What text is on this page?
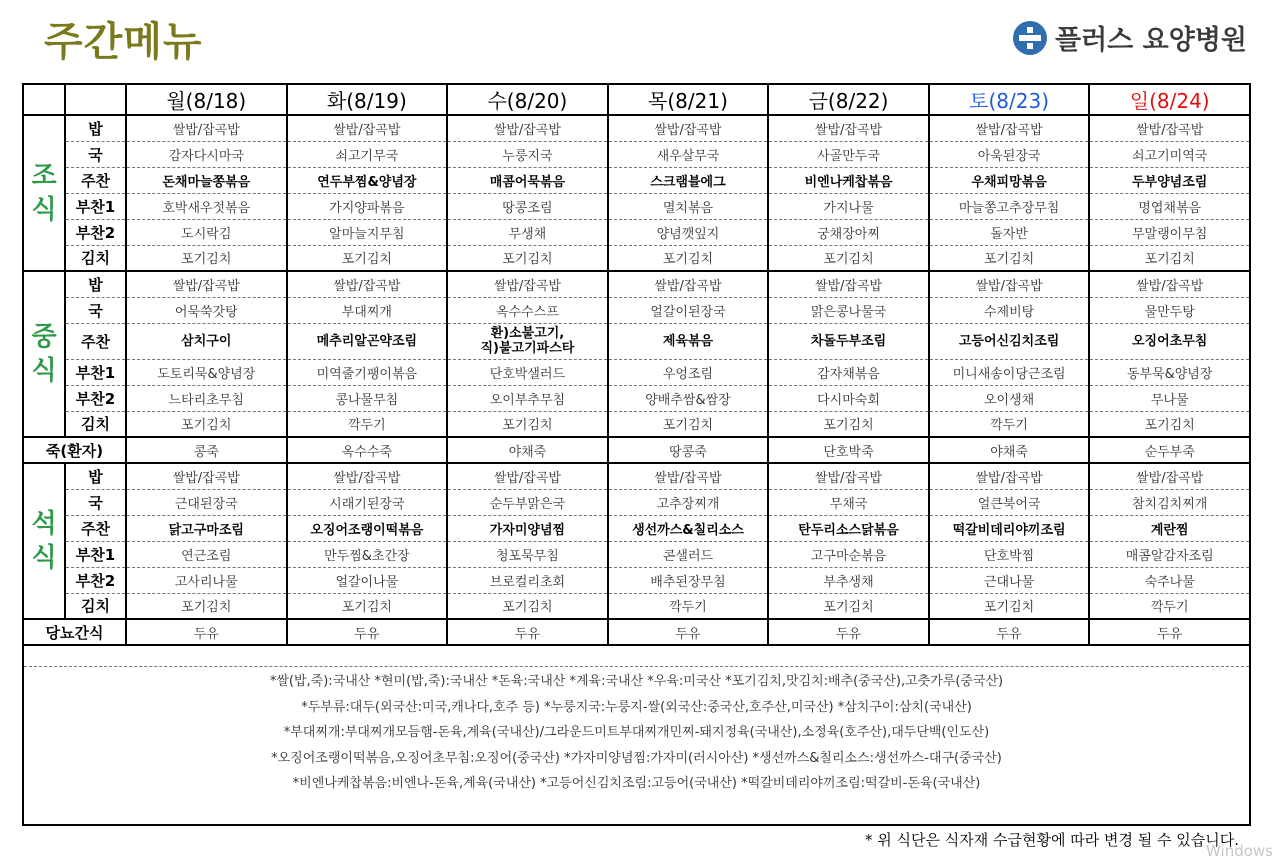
주간메뉴	플러스 요양병원
		월(8/18)	화(8/19)	수(8/20)	목(8/21)	금(8/22)	토(8/23)	일(8/24)
조식	밥	쌀밥/잡곡밥	쌀밥/잡곡밥	쌀밥/잡곡밥	쌀밥/잡곡밥	쌀밥/잡곡밥	쌀밥/잡곡밥	쌀밥/잡곡밥
	국	감자다시마국	쇠고기무국	누룽지국	새우살무국	사골만두국	아욱된장국	쇠고기미역국
	주찬	돈채마늘쫑볶음	연두부찜&양념장	매콤어묵볶음	스크램블에그	비엔나케찹볶음	우채피망볶음	두부양념조림
	부찬1	호박새우젓볶음	가지양파볶음	땅콩조림	멸치볶음	가지나물	마늘쫑고추장무침	명엽채볶음
	부찬2	도시락김	알마늘지무침	무생채	양념깻잎지	궁채장아찌	돌자반	무말랭이무침
	김치	포기김치	포기김치	포기김치	포기김치	포기김치	포기김치	포기김치
중식	밥	쌀밥/잡곡밥	쌀밥/잡곡밥	쌀밥/잡곡밥	쌀밥/잡곡밥	쌀밥/잡곡밥	쌀밥/잡곡밥	쌀밥/잡곡밥
	국	어묵쑥갓탕	부대찌개	옥수수스프	얼갈이된장국	맑은콩나물국	수제비탕	물만두탕
	주찬	삼치구이	메추리알곤약조림	환)소불고기,
직)불고기파스타	제육볶음	차돌두부조림	고등어신김치조림	오징어초무침
	부찬1	도토리묵&양념장	미역줄기팽이볶음	단호박샐러드	우엉조림	감자채볶음	미니새송이당근조림	동부묵&양념장
	부찬2	느타리초무침	콩나물무침	오이부추무침	양배추쌈&쌈장	다시마숙회	오이생채	무나물
	김치	포기김치	깍두기	포기김치	포기김치	포기김치	깍두기	포기김치
죽(환자)		콩죽	옥수수죽	야채죽	땅콩죽	단호박죽	야채죽	순두부죽
석식	밥	쌀밥/잡곡밥	쌀밥/잡곡밥	쌀밥/잡곡밥	쌀밥/잡곡밥	쌀밥/잡곡밥	쌀밥/잡곡밥	쌀밥/잡곡밥
	국	근대된장국	시래기된장국	순두부맑은국	고추장찌개	무채국	얼큰북어국	참치김치찌개
	주찬	닭고구마조림	오징어조랭이떡볶음	가자미양념찜	생선까스&칠리소스	탄두리소스닭볶음	떡갈비데리야끼조림	계란찜
	부찬1	연근조림	만두찜&초간장	청포묵무침	콘샐러드	고구마순볶음	단호박찜	매콤알감자조림
	부찬2	고사리나물	얼갈이나물	브로컬리초회	배추된장무침	부추생채	근대나물	숙주나물
	김치	포기김치	포기김치	포기김치	깍두기	포기김치	포기김치	깍두기
당뇨간식		두유	두유	두유	두유	두유	두유	두유
*쌀(밥,죽):국내산 *현미(밥,죽):국내산 *돈육:국내산 *계육:국내산 *우육:미국산 *포기김치,맛김치:배추(중국산),고춧가루(중국산)
*두부류:대두(외국산:미국,캐나다,호주 등) *누룽지국:누룽지-쌀(외국산:중국산,호주산,미국산) *삼치구이:삼치(국내산)
*부대찌개:부대찌개모듬햄-돈육,계육(국내산)/그라운드미트부대찌개민찌-돼지정육(국내산),소정육(호주산),대두단백(인도산)
*오징어조랭이떡볶음,오징어초무침:오징어(중국산) *가자미양념찜:가자미(러시아산) *생선까스&칠리소스:생선까스-대구(중국산)
*비엔나케찹볶음:비엔나-돈육,계육(국내산) *고등어신김치조림:고등어(국내산) *떡갈비데리야끼조림:떡갈비-돈육(국내산)
* 위 식단은 식자재 수급현황에 따라 변경 될 수 있습니다.
Windows
